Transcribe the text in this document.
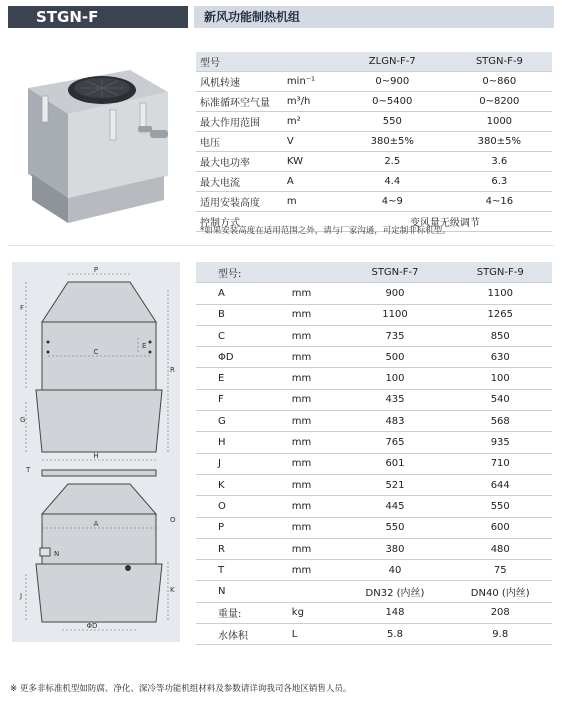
STGN-F	新风功能制热机组
型号		ZLGN-F-7	STGN-F-9
风机转速	min⁻¹	0~900	0~860
标准循环空气量	m³/h	0~5400	0~8200
最大作用范围	m²	550	1000
电压	V	380±5%	380±5%
最大电功率	KW	2.5	3.6
最大电流	A	4.4	6.3
适用安装高度	m	4~9	4~16
控制方式		变风量无级调节	
*如果安装高度在适用范围之外，请与厂家沟通，可定制非标机型。
P
F
E
C
R
G
H
T
A
N
J
K
ΦD
O
型号:		STGN-F-7	STGN-F-9
A	mm	900	1100
B	mm	1100	1265
C	mm	735	850
ΦD	mm	500	630
E	mm	100	100
F	mm	435	540
G	mm	483	568
H	mm	765	935
J	mm	601	710
K	mm	521	644
O	mm	445	550
P	mm	550	600
R	mm	380	480
T	mm	40	75
N		DN32 (内丝)	DN40 (内丝)
重量:	kg	148	208
水体积	L	5.8	9.8
※ 更多非标准机型如防腐、净化、深冷等功能机组材料及参数请详询我司各地区销售人员。
